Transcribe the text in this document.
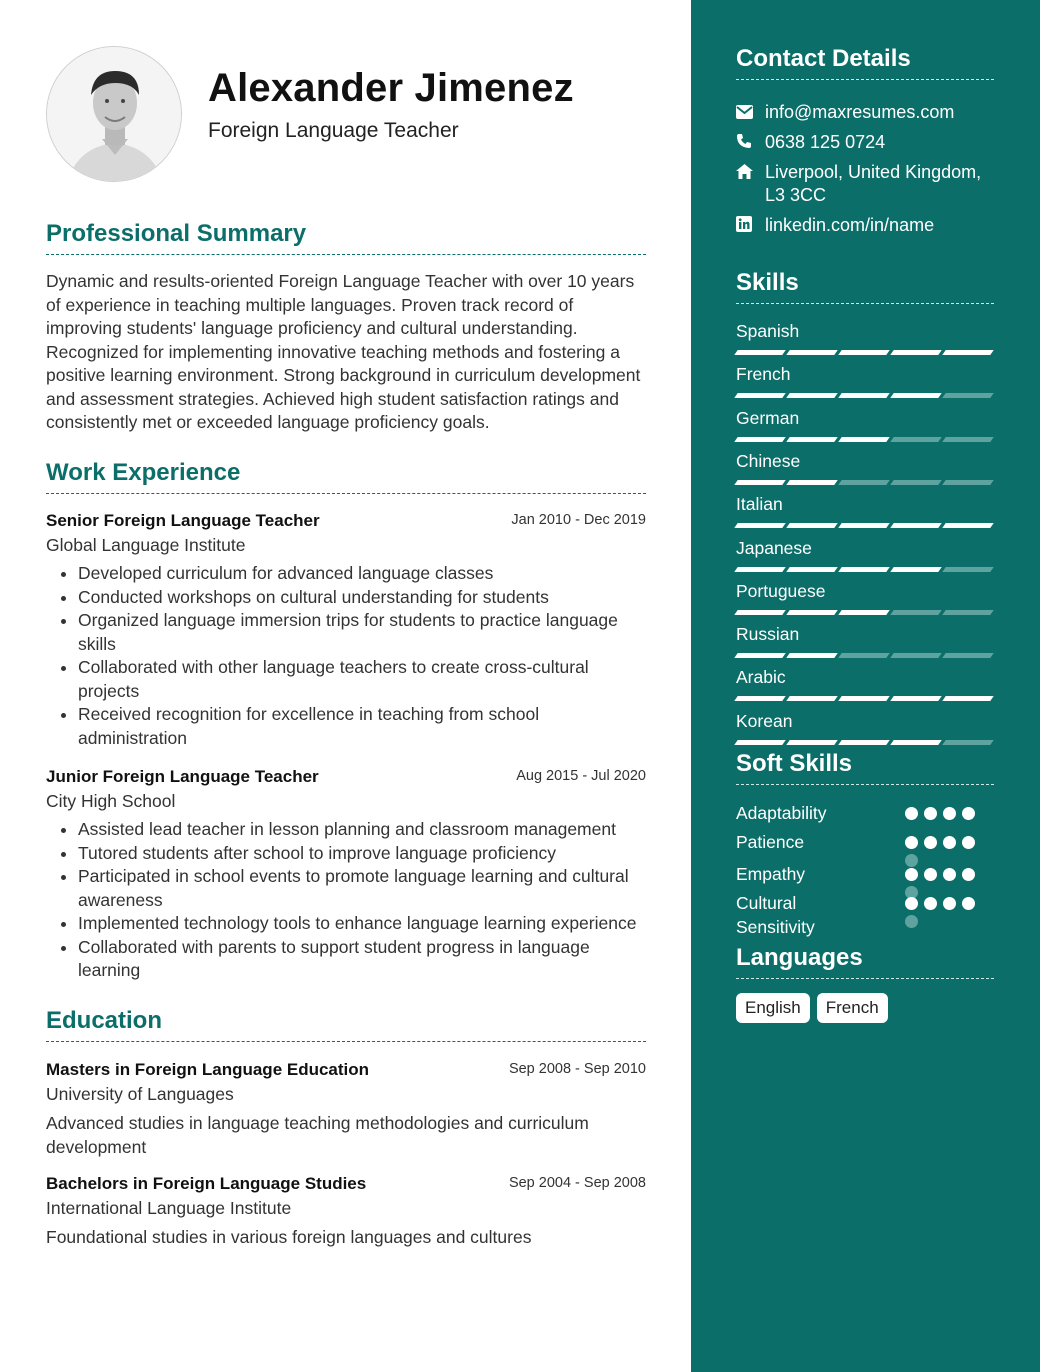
Alexander Jimenez
Foreign Language Teacher
Professional Summary
Dynamic and results-oriented Foreign Language Teacher with over 10 years of experience in teaching multiple languages. Proven track record of improving students' language proficiency and cultural understanding. Recognized for implementing innovative teaching methods and fostering a positive learning environment. Strong background in curriculum development and assessment strategies. Achieved high student satisfaction ratings and consistently met or exceeded language proficiency goals.
Work Experience
Senior Foreign Language Teacher	Jan 2010 - Dec 2019
Global Language Institute
• Developed curriculum for advanced language classes
• Conducted workshops on cultural understanding for students
• Organized language immersion trips for students to practice language skills
• Collaborated with other language teachers to create cross-cultural projects
• Received recognition for excellence in teaching from school administration
Junior Foreign Language Teacher	Aug 2015 - Jul 2020
City High School
• Assisted lead teacher in lesson planning and classroom management
• Tutored students after school to improve language proficiency
• Participated in school events to promote language learning and cultural awareness
• Implemented technology tools to enhance language learning experience
• Collaborated with parents to support student progress in language learning
Education
Masters in Foreign Language Education	Sep 2008 - Sep 2010
University of Languages
Advanced studies in language teaching methodologies and curriculum development
Bachelors in Foreign Language Studies	Sep 2004 - Sep 2008
International Language Institute
Foundational studies in various foreign languages and cultures
Contact Details
info@maxresumes.com
0638 125 0724
Liverpool, United Kingdom, L3 3CC
linkedin.com/in/name
Skills
Soft Skills
Languages
English	French
Spanish
French
German
Chinese
Italian
Japanese
Portuguese
Russian
Arabic
Korean
Adaptability
Patience
Empathy
Cultural Sensitivity
